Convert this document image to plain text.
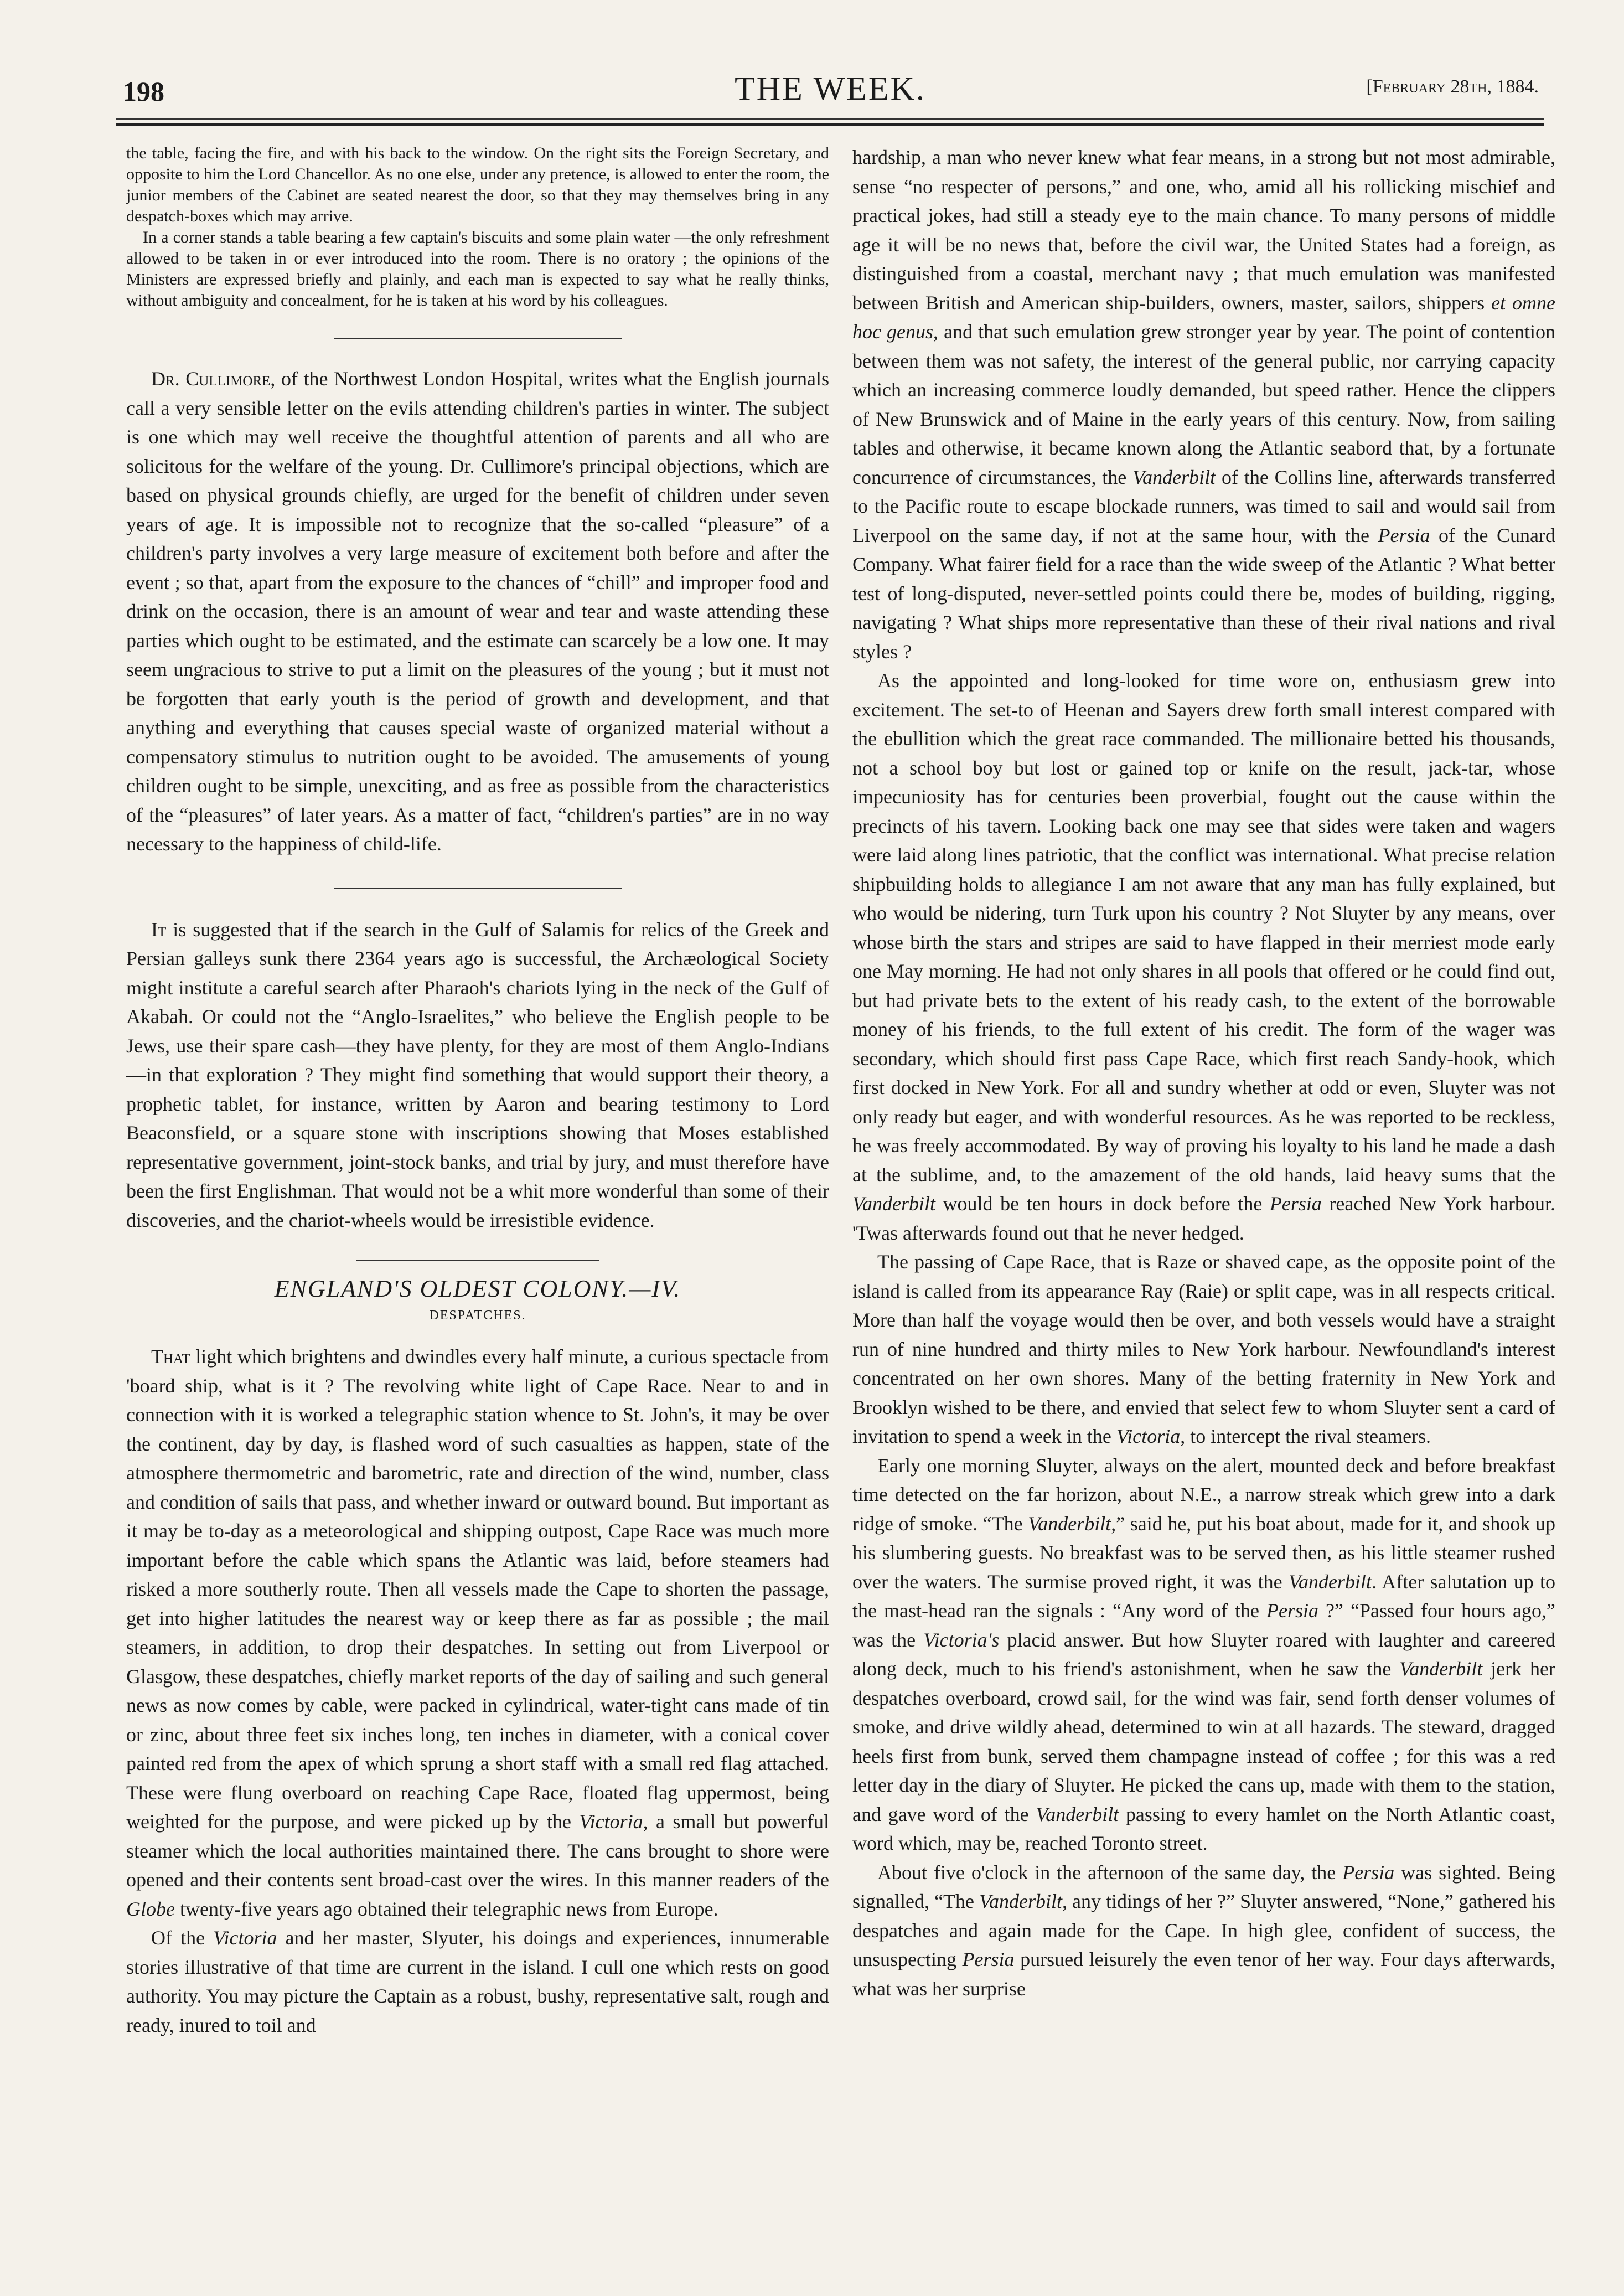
198	THE WEEK.	[February 28th, 1884.

the table, facing the fire, and with his back to the window. On the right sits the Foreign Secretary, and opposite to him the Lord Chancellor. As no one else, under any pretence, is allowed to enter the room, the junior members of the Cabinet are seated nearest the door, so that they may themselves bring in any despatch-boxes which may arrive.

In a corner stands a table bearing a few captain's biscuits and some plain water —the only refreshment allowed to be taken in or ever introduced into the room. There is no oratory ; the opinions of the Ministers are expressed briefly and plainly, and each man is expected to say what he really thinks, without ambiguity and concealment, for he is taken at his word by his colleagues.

Dr. Cullimore, of the Northwest London Hospital, writes what the English journals call a very sensible letter on the evils attending children's parties in winter. The subject is one which may well receive the thoughtful attention of parents and all who are solicitous for the welfare of the young. Dr. Cullimore's principal objections, which are based on physical grounds chiefly, are urged for the benefit of children under seven years of age. It is impossible not to recognize that the so-called “pleasure” of a children's party involves a very large measure of excitement both before and after the event ; so that, apart from the exposure to the chances of “chill” and improper food and drink on the occasion, there is an amount of wear and tear and waste attending these parties which ought to be estimated, and the estimate can scarcely be a low one. It may seem ungracious to strive to put a limit on the pleasures of the young ; but it must not be forgotten that early youth is the period of growth and development, and that anything and everything that causes special waste of organized material without a compensatory stimulus to nutrition ought to be avoided. The amusements of young children ought to be simple, unexciting, and as free as possible from the characteristics of the “pleasures” of later years. As a matter of fact, “children's parties” are in no way necessary to the happiness of child-life.

It is suggested that if the search in the Gulf of Salamis for relics of the Greek and Persian galleys sunk there 2364 years ago is successful, the Archæological Society might institute a careful search after Pharaoh's chariots lying in the neck of the Gulf of Akabah. Or could not the “Anglo-Israelites,” who believe the English people to be Jews, use their spare cash—they have plenty, for they are most of them Anglo-Indians—in that exploration ? They might find something that would support their theory, a prophetic tablet, for instance, written by Aaron and bearing testimony to Lord Beaconsfield, or a square stone with inscriptions showing that Moses established representative government, joint-stock banks, and trial by jury, and must therefore have been the first Englishman. That would not be a whit more wonderful than some of their discoveries, and the chariot-wheels would be irresistible evidence.

ENGLAND'S OLDEST COLONY.—IV.
DESPATCHES.

That light which brightens and dwindles every half minute, a curious spectacle from 'board ship, what is it ? The revolving white light of Cape Race. Near to and in connection with it is worked a telegraphic station whence to St. John's, it may be over the continent, day by day, is flashed word of such casualties as happen, state of the atmosphere thermometric and barometric, rate and direction of the wind, number, class and condition of sails that pass, and whether inward or outward bound. But important as it may be to-day as a meteorological and shipping outpost, Cape Race was much more important before the cable which spans the Atlantic was laid, before steamers had risked a more southerly route. Then all vessels made the Cape to shorten the passage, get into higher latitudes the nearest way or keep there as far as possible ; the mail steamers, in addition, to drop their despatches. In setting out from Liverpool or Glasgow, these despatches, chiefly market reports of the day of sailing and such general news as now comes by cable, were packed in cylindrical, water-tight cans made of tin or zinc, about three feet six inches long, ten inches in diameter, with a conical cover painted red from the apex of which sprung a short staff with a small red flag attached. These were flung overboard on reaching Cape Race, floated flag uppermost, being weighted for the purpose, and were picked up by the Victoria, a small but powerful steamer which the local authorities maintained there. The cans brought to shore were opened and their contents sent broad-cast over the wires. In this manner readers of the Globe twenty-five years ago obtained their telegraphic news from Europe.

Of the Victoria and her master, Slyuter, his doings and experiences, innumerable stories illustrative of that time are current in the island. I cull one which rests on good authority. You may picture the Captain as a robust, bushy, representative salt, rough and ready, inured to toil and

hardship, a man who never knew what fear means, in a strong but not most admirable, sense “no respecter of persons,” and one, who, amid all his rollicking mischief and practical jokes, had still a steady eye to the main chance. To many persons of middle age it will be no news that, before the civil war, the United States had a foreign, as distinguished from a coastal, merchant navy ; that much emulation was manifested between British and American ship-builders, owners, master, sailors, shippers et omne hoc genus, and that such emulation grew stronger year by year. The point of contention between them was not safety, the interest of the general public, nor carrying capacity which an increasing commerce loudly demanded, but speed rather. Hence the clippers of New Brunswick and of Maine in the early years of this century. Now, from sailing tables and otherwise, it became known along the Atlantic seabord that, by a fortunate concurrence of circumstances, the Vanderbilt of the Collins line, afterwards transferred to the Pacific route to escape blockade runners, was timed to sail and would sail from Liverpool on the same day, if not at the same hour, with the Persia of the Cunard Company. What fairer field for a race than the wide sweep of the Atlantic ? What better test of long-disputed, never-settled points could there be, modes of building, rigging, navigating ? What ships more representative than these of their rival nations and rival styles ?

As the appointed and long-looked for time wore on, enthusiasm grew into excitement. The set-to of Heenan and Sayers drew forth small interest compared with the ebullition which the great race commanded. The millionaire betted his thousands, not a school boy but lost or gained top or knife on the result, jack-tar, whose impecuniosity has for centuries been proverbial, fought out the cause within the precincts of his tavern. Looking back one may see that sides were taken and wagers were laid along lines patriotic, that the conflict was international. What precise relation shipbuilding holds to allegiance I am not aware that any man has fully explained, but who would be nidering, turn Turk upon his country ? Not Sluyter by any means, over whose birth the stars and stripes are said to have flapped in their merriest mode early one May morning. He had not only shares in all pools that offered or he could find out, but had private bets to the extent of his ready cash, to the extent of the borrowable money of his friends, to the full extent of his credit. The form of the wager was secondary, which should first pass Cape Race, which first reach Sandy-hook, which first docked in New York. For all and sundry whether at odd or even, Sluyter was not only ready but eager, and with wonderful resources. As he was reported to be reckless, he was freely accommodated. By way of proving his loyalty to his land he made a dash at the sublime, and, to the amazement of the old hands, laid heavy sums that the Vanderbilt would be ten hours in dock before the Persia reached New York harbour. 'Twas afterwards found out that he never hedged.

The passing of Cape Race, that is Raze or shaved cape, as the opposite point of the island is called from its appearance Ray (Raie) or split cape, was in all respects critical. More than half the voyage would then be over, and both vessels would have a straight run of nine hundred and thirty miles to New York harbour. Newfoundland's interest concentrated on her own shores. Many of the betting fraternity in New York and Brooklyn wished to be there, and envied that select few to whom Sluyter sent a card of invitation to spend a week in the Victoria, to intercept the rival steamers.

Early one morning Sluyter, always on the alert, mounted deck and before breakfast time detected on the far horizon, about N.E., a narrow streak which grew into a dark ridge of smoke. “The Vanderbilt,” said he, put his boat about, made for it, and shook up his slumbering guests. No breakfast was to be served then, as his little steamer rushed over the waters. The surmise proved right, it was the Vanderbilt. After salutation up to the mast-head ran the signals : “Any word of the Persia ?” “Passed four hours ago,” was the Victoria's placid answer. But how Sluyter roared with laughter and careered along deck, much to his friend's astonishment, when he saw the Vanderbilt jerk her despatches overboard, crowd sail, for the wind was fair, send forth denser volumes of smoke, and drive wildly ahead, determined to win at all hazards. The steward, dragged heels first from bunk, served them champagne instead of coffee ; for this was a red letter day in the diary of Sluyter. He picked the cans up, made with them to the station, and gave word of the Vanderbilt passing to every hamlet on the North Atlantic coast, word which, may be, reached Toronto street.

About five o'clock in the afternoon of the same day, the Persia was sighted. Being signalled, “The Vanderbilt, any tidings of her ?” Sluyter answered, “None,” gathered his despatches and again made for the Cape. In high glee, confident of success, the unsuspecting Persia pursued leisurely the even tenor of her way. Four days afterwards, what was her surprise
